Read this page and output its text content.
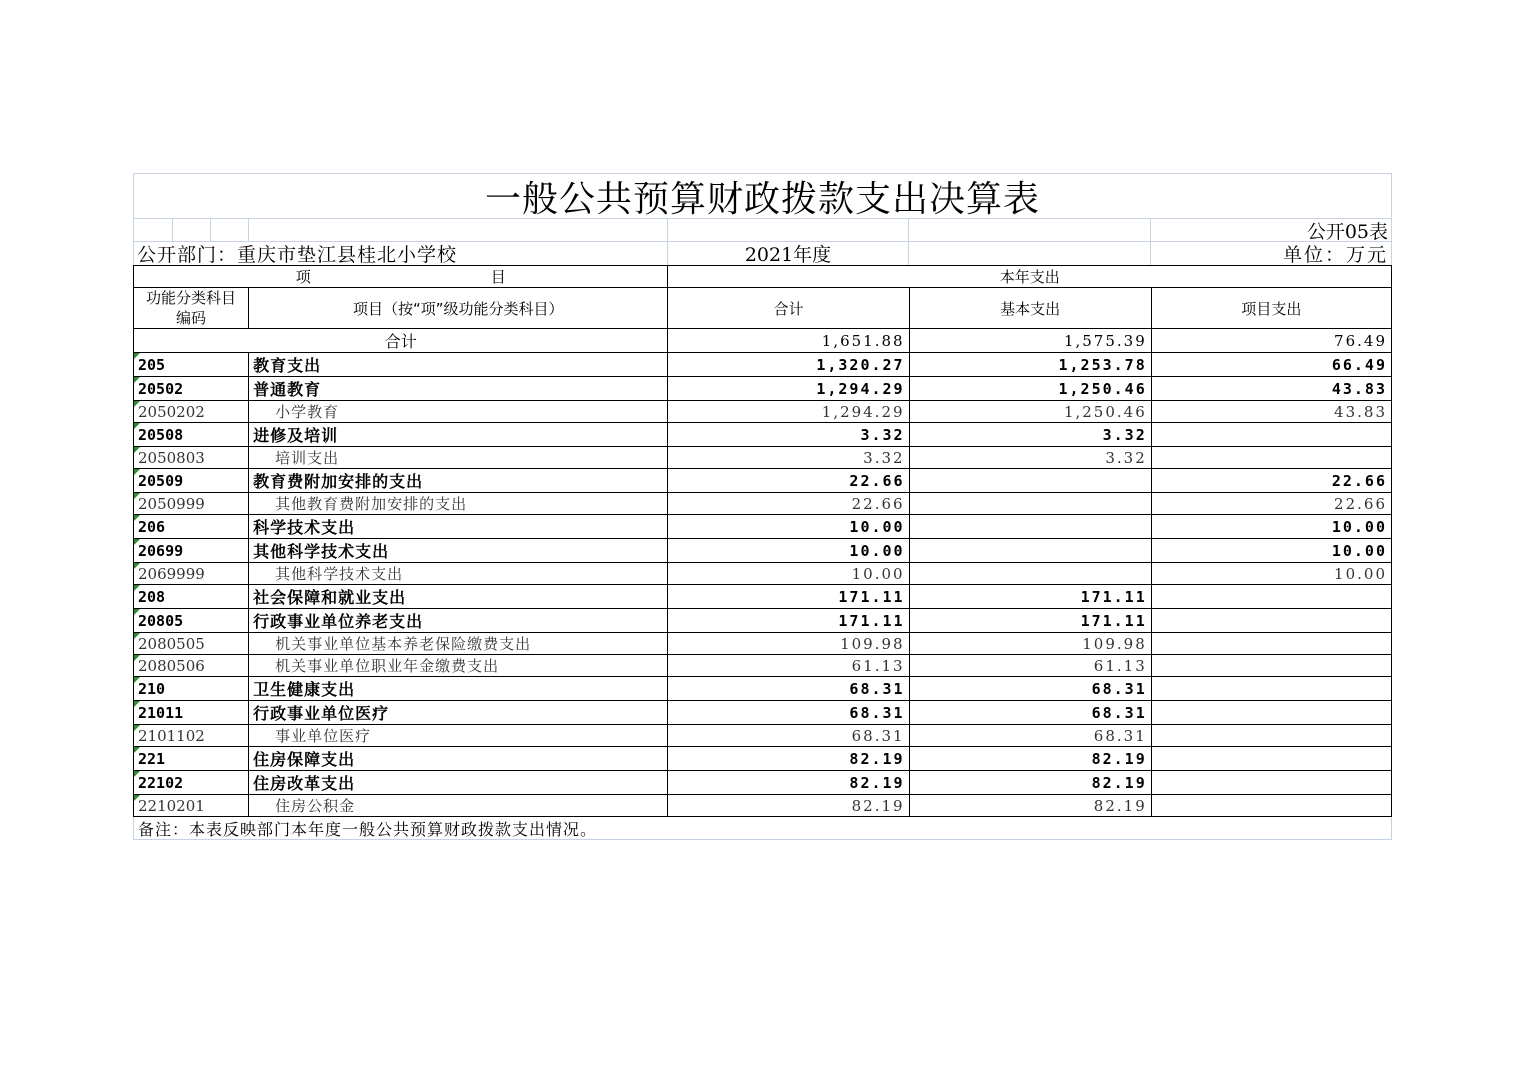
一般公共预算财政拨款支出决算表
公开05表
公开部门：重庆市垫江县桂北小学校	2021年度	单位：万元
项　　　　　　　　　　　　目		本年支出		
功能分类科目编码	项目（按“项”级功能分类科目）	合计	基本支出	项目支出
合计		1,651.88	1,575.39	76.49

205	教育支出	1,320.27	1,253.78	66.49

20502	普通教育	1,294.29	1,250.46	43.83

2050202	小学教育	1,294.29	1,250.46	43.83

20508	进修及培训	3.32	3.32	

2050803	培训支出	3.32	3.32	

20509	教育费附加安排的支出	22.66		22.66

2050999	其他教育费附加安排的支出	22.66		22.66

206	科学技术支出	10.00		10.00

20699	其他科学技术支出	10.00		10.00

2069999	其他科学技术支出	10.00		10.00

208	社会保障和就业支出	171.11	171.11	

20805	行政事业单位养老支出	171.11	171.11	

2080505	机关事业单位基本养老保险缴费支出	109.98	109.98	

2080506	机关事业单位职业年金缴费支出	61.13	61.13	

210	卫生健康支出	68.31	68.31	

21011	行政事业单位医疗	68.31	68.31	

2101102	事业单位医疗	68.31	68.31	

221	住房保障支出	82.19	82.19	

22102	住房改革支出	82.19	82.19	

2210201	住房公积金	82.19	82.19	
备注：本表反映部门本年度一般公共预算财政拨款支出情况。
